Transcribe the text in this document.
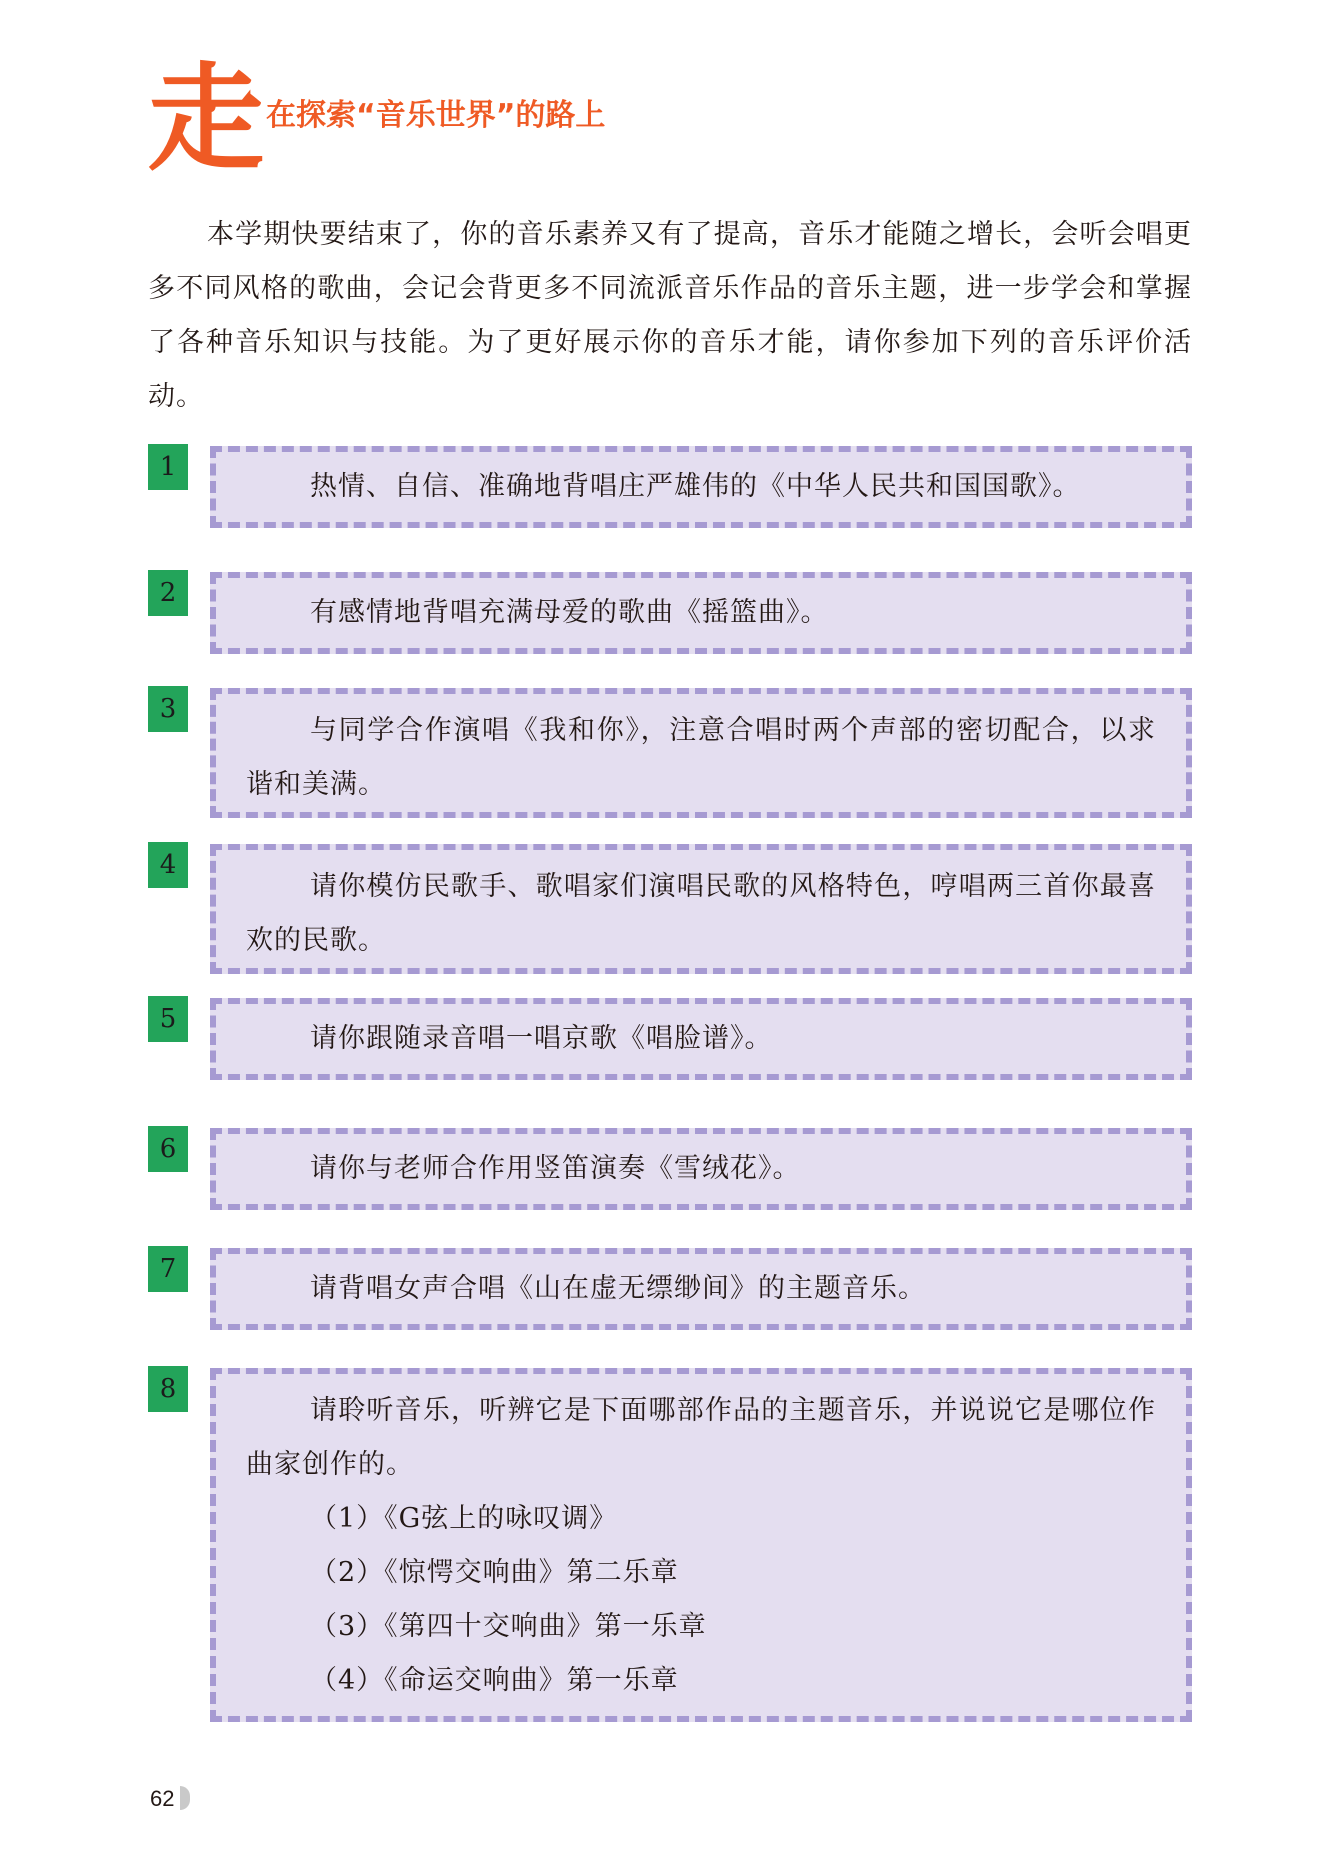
走 在探索“音乐世界”的路上
本学期快要结束了，你的音乐素养又有了提高，音乐才能随之增长，会听会唱更多不同风格的歌曲，会记会背更多不同流派音乐作品的音乐主题，进一步学会和掌握了各种音乐知识与技能。为了更好展示你的音乐才能，请你参加下列的音乐评价活动。
1
热情、自信、准确地背唱庄严雄伟的《中华人民共和国国歌》。
2
有感情地背唱充满母爱的歌曲《摇篮曲》。
3
与同学合作演唱《我和你》，注意合唱时两个声部的密切配合，以求谐和美满。
4
请你模仿民歌手、歌唱家们演唱民歌的风格特色，哼唱两三首你最喜欢的民歌。
5
请你跟随录音唱一唱京歌《唱脸谱》。
6
请你与老师合作用竖笛演奏《雪绒花》。
7
请背唱女声合唱《山在虚无缥缈间》的主题音乐。
8
请聆听音乐，听辨它是下面哪部作品的主题音乐，并说说它是哪位作曲家创作的。
（1）《G弦上的咏叹调》
（2）《惊愕交响曲》第二乐章
（3）《第四十交响曲》第一乐章
（4）《命运交响曲》第一乐章
62
